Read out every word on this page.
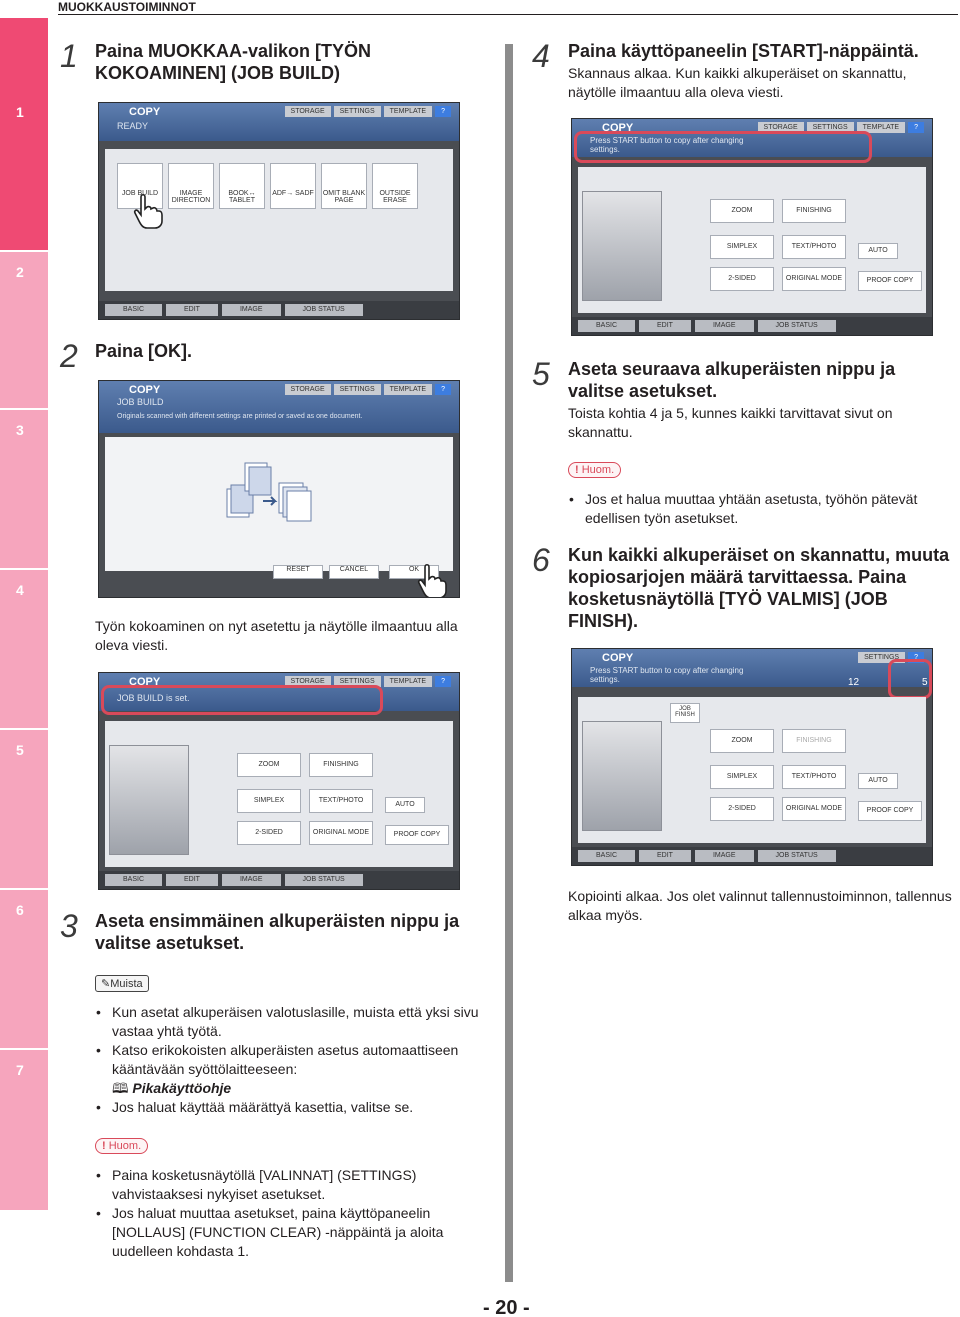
MUOKKAUSTOIMINNOT
1
2
3
4
5
6
7
1 Paina MUOKKAA-valikon [TYÖN KOKOAMINEN] (JOB BUILD)
COPY
READY
STORAGE	SETTINGS	TEMPLATE	?
JOB BUILD	IMAGE DIRECTION
BOOK↔ TABLET
ADF→ SADF	OMIT BLANK PAGE
OUTSIDE ERASE
BASIC	EDIT	IMAGE	JOB STATUS
2 Paina [OK].
COPY
JOB BUILD
Originals scanned with different settings are printed or saved as one document.
STORAGE	SETTINGS	TEMPLATE	?
RESET	CANCEL	OK
Työn kokoaminen on nyt asetettu ja näytölle ilmaantuu alla oleva viesti.
COPY
JOB BUILD is set.
STORAGE	SETTINGS	TEMPLATE	?
ZOOM	FINISHING
SIMPLEX	TEXT/PHOTO
2-SIDED	ORIGINAL MODE	PROOF COPY
AUTO
BASIC	EDIT	IMAGE	JOB STATUS
3 Aseta ensimmäinen alkuperäisten nippu ja valitse asetukset.
✎Muista
• Kun asetat alkuperäisen valotuslasille, muista että yksi sivu vastaa yhtä työtä.
• Katso erikokoisten alkuperäisten asetus automaattiseen kääntävään syöttölaitteeseen:
🕮 Pikakäyttöohje
• Jos haluat käyttää määrättyä kasettia, valitse se.
! Huom.
• Paina kosketusnäytöllä [VALINNAT] (SETTINGS) vahvistaaksesi nykyiset asetukset.
• Jos haluat muuttaa asetukset, paina käyttöpaneelin [NOLLAUS] (FUNCTION CLEAR) -näppäintä ja aloita uudelleen kohdasta 1.
4 Paina käyttöpaneelin [START]-näppäintä.
Skannaus alkaa. Kun kaikki alkuperäiset on skannattu, näytölle ilmaantuu alla oleva viesti.
COPY
Press START button to copy after changing settings.
STORAGE	SETTINGS	TEMPLATE	?
ZOOM	FINISHING
SIMPLEX	TEXT/PHOTO
2-SIDED	ORIGINAL MODE	PROOF COPY
AUTO
BASIC	EDIT	IMAGE	JOB STATUS
5 Aseta seuraava alkuperäisten nippu ja valitse asetukset.
Toista kohtia 4 ja 5, kunnes kaikki tarvittavat sivut on skannattu.
! Huom.
• Jos et halua muuttaa yhtään asetusta, työhön pätevät edellisen työn asetukset.
6 Kun kaikki alkuperäiset on skannattu, muuta kopiosarjojen määrä tarvittaessa. Paina kosketusnäytöllä [TYÖ VALMIS] (JOB FINISH).
COPY
Press START button to copy after changing settings.
SETTINGS	?
12	5
JOB FINISH
ZOOM	FINISHING
SIMPLEX	TEXT/PHOTO
2-SIDED	ORIGINAL MODE	PROOF COPY
AUTO
BASIC	EDIT	IMAGE	JOB STATUS
Kopiointi alkaa. Jos olet valinnut tallennustoiminnon, tallennus alkaa myös.
- 20 -
